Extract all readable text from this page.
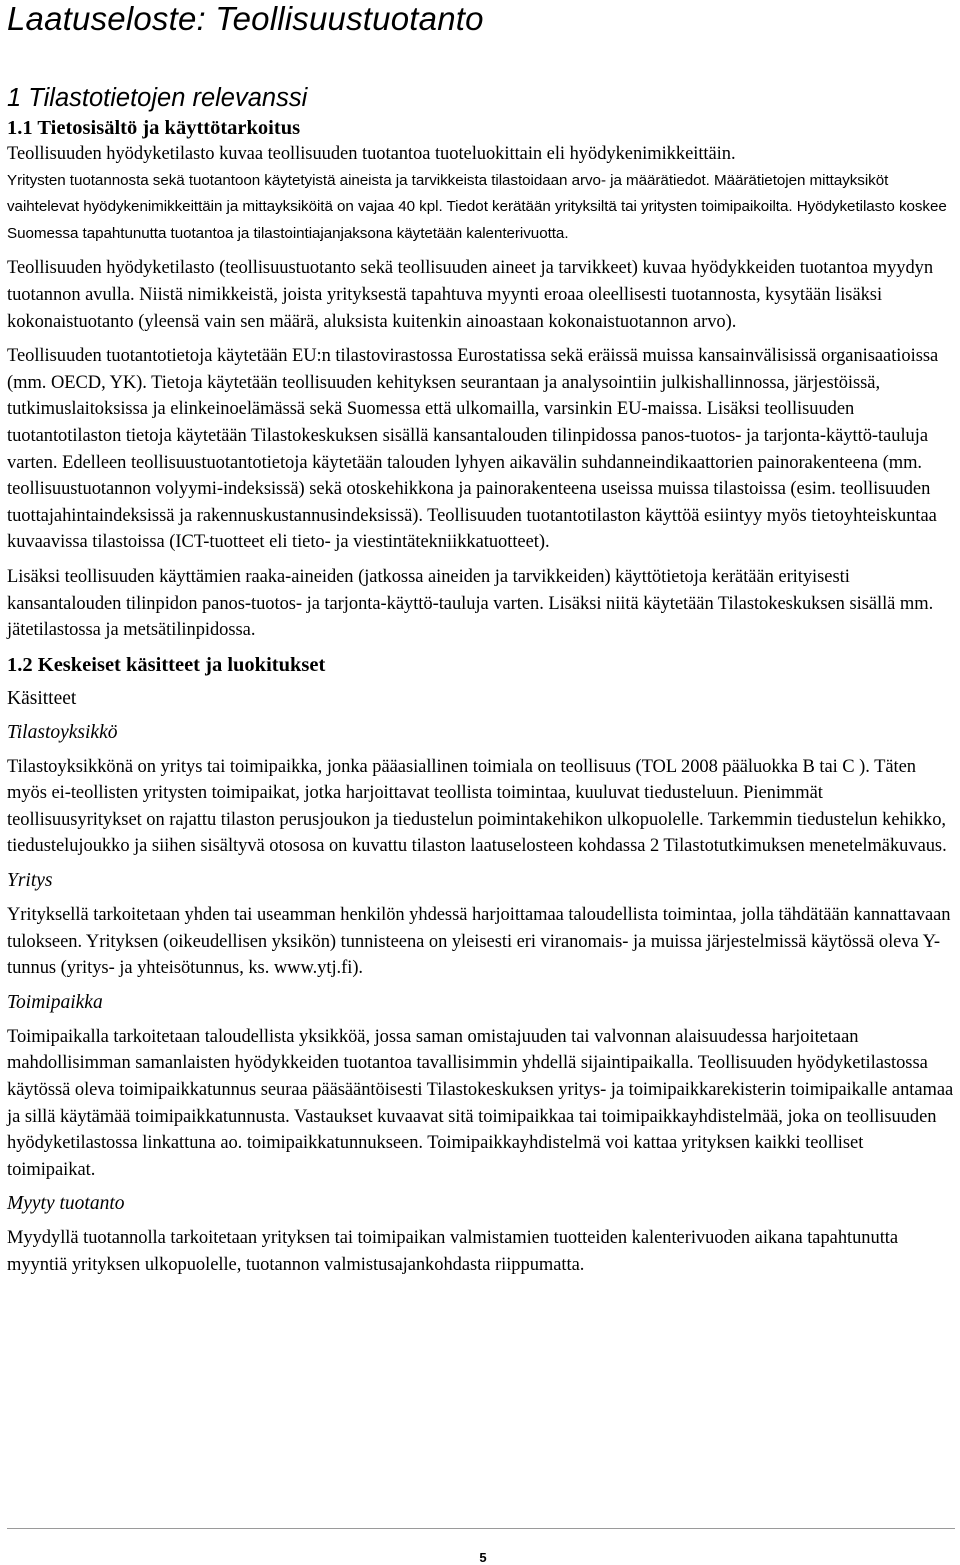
Laatuseloste: Teollisuustuotanto
1 Tilastotietojen relevanssi
1.1 Tietosisältö ja käyttötarkoitus

Teollisuuden hyödyketilasto kuvaa teollisuuden tuotantoa tuoteluokittain eli hyödykenimikkeittäin.

Yritysten tuotannosta sekä tuotantoon käytetyistä aineista ja tarvikkeista tilastoidaan arvo- ja määrätiedot. Määrätietojen mittayksiköt vaihtelevat hyödykenimikkeittäin ja mittayksiköitä on vajaa 40 kpl. Tiedot kerätään yrityksiltä tai yritysten toimipaikoilta. Hyödyketilasto koskee Suomessa tapahtunutta tuotantoa ja tilastointiajanjaksona käytetään kalenterivuotta.

Teollisuuden hyödyketilasto (teollisuustuotanto sekä teollisuuden aineet ja tarvikkeet) kuvaa hyödykkeiden tuotantoa myydyn tuotannon avulla. Niistä nimikkeistä, joista yrityksestä tapahtuva myynti eroaa oleellisesti tuotannosta, kysytään lisäksi kokonaistuotanto (yleensä vain sen määrä, aluksista kuitenkin ainoastaan kokonaistuotannon arvo).

Teollisuuden tuotantotietoja käytetään EU:n tilastovirastossa Eurostatissa sekä eräissä muissa kansainvälisissä organisaatioissa (mm. OECD, YK). Tietoja käytetään teollisuuden kehityksen seurantaan ja analysointiin julkishallinnossa, järjestöissä, tutkimuslaitoksissa ja elinkeinoelämässä sekä Suomessa että ulkomailla, varsinkin EU-maissa. Lisäksi teollisuuden tuotantotilaston tietoja käytetään Tilastokeskuksen sisällä kansantalouden tilinpidossa panos-tuotos- ja tarjonta-käyttö-tauluja varten. Edelleen teollisuustuotantotietoja käytetään talouden lyhyen aikavälin suhdanneindikaattorien painorakenteena (mm. teollisuustuotannon volyymi-indeksissä) sekä otoskehikkona ja painorakenteena useissa muissa tilastoissa (esim. teollisuuden tuottajahintaindeksissä ja rakennuskustannusindeksissä). Teollisuuden tuotantotilaston käyttöä esiintyy myös tietoyhteiskuntaa kuvaavissa tilastoissa (ICT-tuotteet eli tieto- ja viestintätekniikkatuotteet).

Lisäksi teollisuuden käyttämien raaka-aineiden (jatkossa aineiden ja tarvikkeiden) käyttötietoja kerätään erityisesti kansantalouden tilinpidon panos-tuotos- ja tarjonta-käyttö-tauluja varten. Lisäksi niitä käytetään Tilastokeskuksen sisällä mm. jätetilastossa ja metsätilinpidossa.

1.2 Keskeiset käsitteet ja luokitukset

Käsitteet

Tilastoyksikkö

Tilastoyksikkönä on yritys tai toimipaikka, jonka pääasiallinen toimiala on teollisuus (TOL 2008 pääluokka B tai C ). Täten myös ei-teollisten yritysten toimipaikat, jotka harjoittavat teollista toimintaa, kuuluvat tiedusteluun. Pienimmät teollisuusyritykset on rajattu tilaston perusjoukon ja tiedustelun poimintakehikon ulkopuolelle. Tarkemmin tiedustelun kehikko, tiedustelujoukko ja siihen sisältyvä otososa on kuvattu tilaston laatuselosteen kohdassa 2 Tilastotutkimuksen menetelmäkuvaus.

Yritys

Yrityksellä tarkoitetaan yhden tai useamman henkilön yhdessä harjoittamaa taloudellista toimintaa, jolla tähdätään kannattavaan tulokseen. Yrityksen (oikeudellisen yksikön) tunnisteena on yleisesti eri viranomais- ja muissa järjestelmissä käytössä oleva Y-tunnus (yritys- ja yhteisötunnus, ks. www.ytj.fi).

Toimipaikka

Toimipaikalla tarkoitetaan taloudellista yksikköä, jossa saman omistajuuden tai valvonnan alaisuudessa harjoitetaan mahdollisimman samanlaisten hyödykkeiden tuotantoa tavallisimmin yhdellä sijaintipaikalla. Teollisuuden hyödyketilastossa käytössä oleva toimipaikkatunnus seuraa pääsääntöisesti Tilastokeskuksen yritys- ja toimipaikkarekisterin toimipaikalle antamaa ja sillä käytämää toimipaikkatunnusta. Vastaukset kuvaavat sitä toimipaikkaa tai toimipaikkayhdistelmää, joka on teollisuuden hyödyketilastossa linkattuna ao. toimipaikkatunnukseen. Toimipaikkayhdistelmä voi kattaa yrityksen kaikki teolliset toimipaikat.

Myyty tuotanto

Myydyllä tuotannolla tarkoitetaan yrityksen tai toimipaikan valmistamien tuotteiden kalenterivuoden aikana tapahtunutta myyntiä yrityksen ulkopuolelle, tuotannon valmistusajankohdasta riippumatta.

5
